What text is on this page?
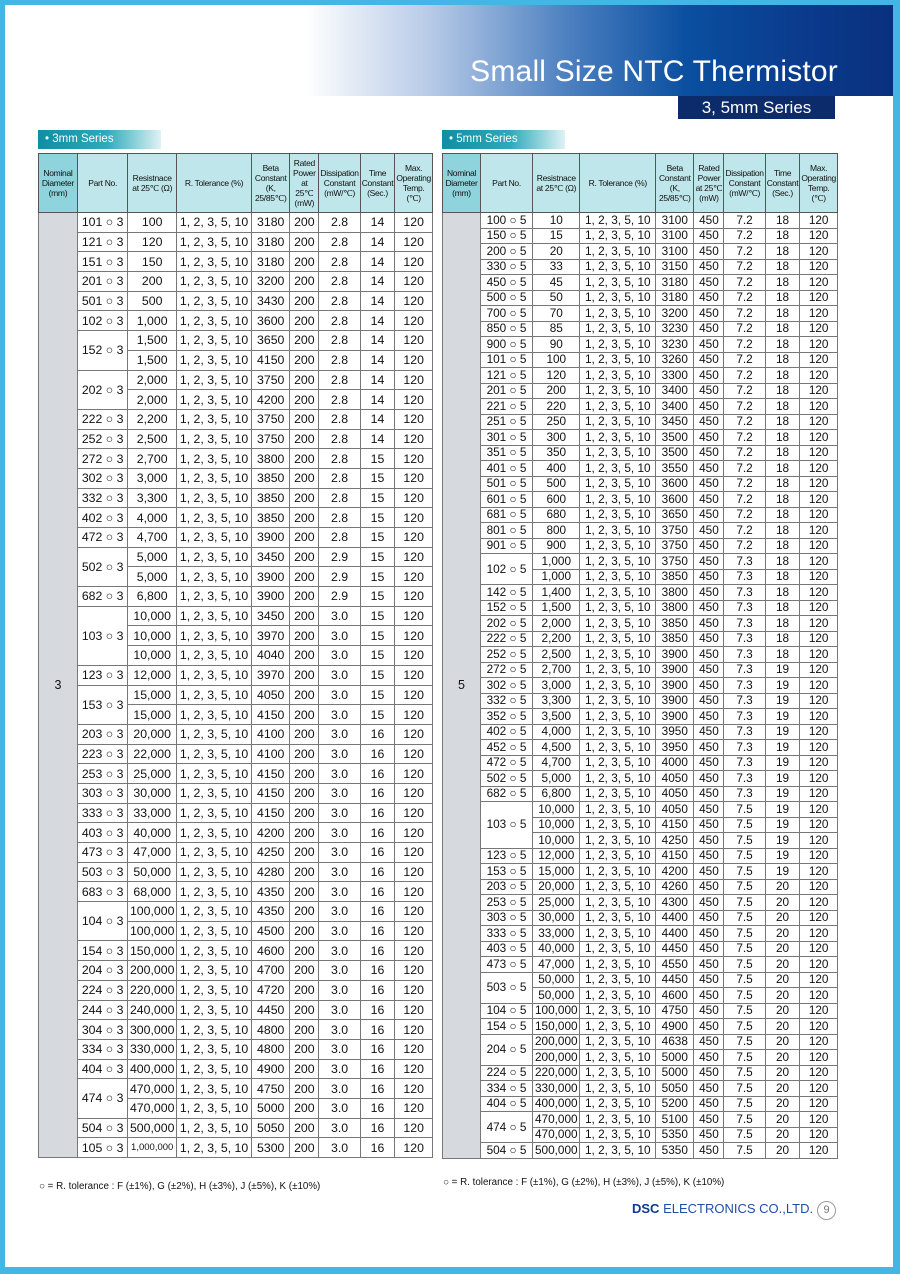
Small Size NTC Thermistor
3, 5mm Series
• 3mm Series	• 5mm Series
Nominal Diameter (mm)	Part No.	Resistnace at 25℃ (Ω)	R. Tolerance (%)	Beta Constant (K, 25/85℃)	Rated Power at 25℃(mW)	Dissipation Constant (mW/℃)	Time Constant (Sec.)	Max. Operating Temp.(℃)
3	101 ○ 3	100	1, 2, 3, 5, 10	3180	200	2.8	14	120
	121 ○ 3	120	1, 2, 3, 5, 10	3180	200	2.8	14	120
	151 ○ 3	150	1, 2, 3, 5, 10	3180	200	2.8	14	120
	201 ○ 3	200	1, 2, 3, 5, 10	3200	200	2.8	14	120
	501 ○ 3	500	1, 2, 3, 5, 10	3430	200	2.8	14	120
	102 ○ 3	1,000	1, 2, 3, 5, 10	3600	200	2.8	14	120
	152 ○ 3	1,500	1, 2, 3, 5, 10	3650	200	2.8	14	120
		1,500	1, 2, 3, 5, 10	4150	200	2.8	14	120
	202 ○ 3	2,000	1, 2, 3, 5, 10	3750	200	2.8	14	120
		2,000	1, 2, 3, 5, 10	4200	200	2.8	14	120
	222 ○ 3	2,200	1, 2, 3, 5, 10	3750	200	2.8	14	120
	252 ○ 3	2,500	1, 2, 3, 5, 10	3750	200	2.8	14	120
	272 ○ 3	2,700	1, 2, 3, 5, 10	3800	200	2.8	15	120
	302 ○ 3	3,000	1, 2, 3, 5, 10	3850	200	2.8	15	120
	332 ○ 3	3,300	1, 2, 3, 5, 10	3850	200	2.8	15	120
	402 ○ 3	4,000	1, 2, 3, 5, 10	3850	200	2.8	15	120
	472 ○ 3	4,700	1, 2, 3, 5, 10	3900	200	2.8	15	120
	502 ○ 3	5,000	1, 2, 3, 5, 10	3450	200	2.9	15	120
		5,000	1, 2, 3, 5, 10	3900	200	2.9	15	120
	682 ○ 3	6,800	1, 2, 3, 5, 10	3900	200	2.9	15	120
	103 ○ 3	10,000	1, 2, 3, 5, 10	3450	200	3.0	15	120
		10,000	1, 2, 3, 5, 10	3970	200	3.0	15	120
		10,000	1, 2, 3, 5, 10	4040	200	3.0	15	120
	123 ○ 3	12,000	1, 2, 3, 5, 10	3970	200	3.0	15	120
	153 ○ 3	15,000	1, 2, 3, 5, 10	4050	200	3.0	15	120
		15,000	1, 2, 3, 5, 10	4150	200	3.0	15	120
	203 ○ 3	20,000	1, 2, 3, 5, 10	4100	200	3.0	16	120
	223 ○ 3	22,000	1, 2, 3, 5, 10	4100	200	3.0	16	120
	253 ○ 3	25,000	1, 2, 3, 5, 10	4150	200	3.0	16	120
	303 ○ 3	30,000	1, 2, 3, 5, 10	4150	200	3.0	16	120
	333 ○ 3	33,000	1, 2, 3, 5, 10	4150	200	3.0	16	120
	403 ○ 3	40,000	1, 2, 3, 5, 10	4200	200	3.0	16	120
	473 ○ 3	47,000	1, 2, 3, 5, 10	4250	200	3.0	16	120
	503 ○ 3	50,000	1, 2, 3, 5, 10	4280	200	3.0	16	120
	683 ○ 3	68,000	1, 2, 3, 5, 10	4350	200	3.0	16	120
	104 ○ 3	100,000	1, 2, 3, 5, 10	4350	200	3.0	16	120
		100,000	1, 2, 3, 5, 10	4500	200	3.0	16	120
	154 ○ 3	150,000	1, 2, 3, 5, 10	4600	200	3.0	16	120
	204 ○ 3	200,000	1, 2, 3, 5, 10	4700	200	3.0	16	120
	224 ○ 3	220,000	1, 2, 3, 5, 10	4720	200	3.0	16	120
	244 ○ 3	240,000	1, 2, 3, 5, 10	4450	200	3.0	16	120
	304 ○ 3	300,000	1, 2, 3, 5, 10	4800	200	3.0	16	120
	334 ○ 3	330,000	1, 2, 3, 5, 10	4800	200	3.0	16	120
	404 ○ 3	400,000	1, 2, 3, 5, 10	4900	200	3.0	16	120
	474 ○ 3	470,000	1, 2, 3, 5, 10	4750	200	3.0	16	120
		470,000	1, 2, 3, 5, 10	5000	200	3.0	16	120
	504 ○ 3	500,000	1, 2, 3, 5, 10	5050	200	3.0	16	120
	105 ○ 3	1,000,000	1, 2, 3, 5, 10	5300	200	3.0	16	120
Nominal Diameter (mm)	Part No.	Resistnace at 25℃ (Ω)	R. Tolerance (%)	Beta Constant (K, 25/85℃)	Rated Power at 25℃(mW)	Dissipation Constant (mW/℃)	Time Constant (Sec.)	Max. Operating Temp.(℃)
5	100 ○ 5	10	1, 2, 3, 5, 10	3100	450	7.2	18	120
	150 ○ 5	15	1, 2, 3, 5, 10	3100	450	7.2	18	120
	200 ○ 5	20	1, 2, 3, 5, 10	3100	450	7.2	18	120
	330 ○ 5	33	1, 2, 3, 5, 10	3150	450	7.2	18	120
	450 ○ 5	45	1, 2, 3, 5, 10	3180	450	7.2	18	120
	500 ○ 5	50	1, 2, 3, 5, 10	3180	450	7.2	18	120
	700 ○ 5	70	1, 2, 3, 5, 10	3200	450	7.2	18	120
	850 ○ 5	85	1, 2, 3, 5, 10	3230	450	7.2	18	120
	900 ○ 5	90	1, 2, 3, 5, 10	3230	450	7.2	18	120
	101 ○ 5	100	1, 2, 3, 5, 10	3260	450	7.2	18	120
	121 ○ 5	120	1, 2, 3, 5, 10	3300	450	7.2	18	120
	201 ○ 5	200	1, 2, 3, 5, 10	3400	450	7.2	18	120
	221 ○ 5	220	1, 2, 3, 5, 10	3400	450	7.2	18	120
	251 ○ 5	250	1, 2, 3, 5, 10	3450	450	7.2	18	120
	301 ○ 5	300	1, 2, 3, 5, 10	3500	450	7.2	18	120
	351 ○ 5	350	1, 2, 3, 5, 10	3500	450	7.2	18	120
	401 ○ 5	400	1, 2, 3, 5, 10	3550	450	7.2	18	120
	501 ○ 5	500	1, 2, 3, 5, 10	3600	450	7.2	18	120
	601 ○ 5	600	1, 2, 3, 5, 10	3600	450	7.2	18	120
	681 ○ 5	680	1, 2, 3, 5, 10	3650	450	7.2	18	120
	801 ○ 5	800	1, 2, 3, 5, 10	3750	450	7.2	18	120
	901 ○ 5	900	1, 2, 3, 5, 10	3750	450	7.2	18	120
	102 ○ 5	1,000	1, 2, 3, 5, 10	3750	450	7.3	18	120
		1,000	1, 2, 3, 5, 10	3850	450	7.3	18	120
	142 ○ 5	1,400	1, 2, 3, 5, 10	3800	450	7.3	18	120
	152 ○ 5	1,500	1, 2, 3, 5, 10	3800	450	7.3	18	120
	202 ○ 5	2,000	1, 2, 3, 5, 10	3850	450	7.3	18	120
	222 ○ 5	2,200	1, 2, 3, 5, 10	3850	450	7.3	18	120
	252 ○ 5	2,500	1, 2, 3, 5, 10	3900	450	7.3	18	120
	272 ○ 5	2,700	1, 2, 3, 5, 10	3900	450	7.3	19	120
	302 ○ 5	3,000	1, 2, 3, 5, 10	3900	450	7.3	19	120
	332 ○ 5	3,300	1, 2, 3, 5, 10	3900	450	7.3	19	120
	352 ○ 5	3,500	1, 2, 3, 5, 10	3900	450	7.3	19	120
	402 ○ 5	4,000	1, 2, 3, 5, 10	3950	450	7.3	19	120
	452 ○ 5	4,500	1, 2, 3, 5, 10	3950	450	7.3	19	120
	472 ○ 5	4,700	1, 2, 3, 5, 10	4000	450	7.3	19	120
	502 ○ 5	5,000	1, 2, 3, 5, 10	4050	450	7.3	19	120
	682 ○ 5	6,800	1, 2, 3, 5, 10	4050	450	7.3	19	120
	103 ○ 5	10,000	1, 2, 3, 5, 10	4050	450	7.5	19	120
		10,000	1, 2, 3, 5, 10	4150	450	7.5	19	120
		10,000	1, 2, 3, 5, 10	4250	450	7.5	19	120
	123 ○ 5	12,000	1, 2, 3, 5, 10	4150	450	7.5	19	120
	153 ○ 5	15,000	1, 2, 3, 5, 10	4200	450	7.5	19	120
	203 ○ 5	20,000	1, 2, 3, 5, 10	4260	450	7.5	20	120
	253 ○ 5	25,000	1, 2, 3, 5, 10	4300	450	7.5	20	120
	303 ○ 5	30,000	1, 2, 3, 5, 10	4400	450	7.5	20	120
	333 ○ 5	33,000	1, 2, 3, 5, 10	4400	450	7.5	20	120
	403 ○ 5	40,000	1, 2, 3, 5, 10	4450	450	7.5	20	120
	473 ○ 5	47,000	1, 2, 3, 5, 10	4550	450	7.5	20	120
	503 ○ 5	50,000	1, 2, 3, 5, 10	4450	450	7.5	20	120
		50,000	1, 2, 3, 5, 10	4600	450	7.5	20	120
	104 ○ 5	100,000	1, 2, 3, 5, 10	4750	450	7.5	20	120
	154 ○ 5	150,000	1, 2, 3, 5, 10	4900	450	7.5	20	120
	204 ○ 5	200,000	1, 2, 3, 5, 10	4638	450	7.5	20	120
		200,000	1, 2, 3, 5, 10	5000	450	7.5	20	120
	224 ○ 5	220,000	1, 2, 3, 5, 10	5000	450	7.5	20	120
	334 ○ 5	330,000	1, 2, 3, 5, 10	5050	450	7.5	20	120
	404 ○ 5	400,000	1, 2, 3, 5, 10	5200	450	7.5	20	120
	474 ○ 5	470,000	1, 2, 3, 5, 10	5100	450	7.5	20	120
		470,000	1, 2, 3, 5, 10	5350	450	7.5	20	120
	504 ○ 5	500,000	1, 2, 3, 5, 10	5350	450	7.5	20	120
○ = R. tolerance : F (±1%), G (±2%), H (±3%), J (±5%), K (±10%)	○ = R. tolerance : F (±1%), G (±2%), H (±3%), J (±5%), K (±10%)
DSC ELECTRONICS CO.,LTD. 9
